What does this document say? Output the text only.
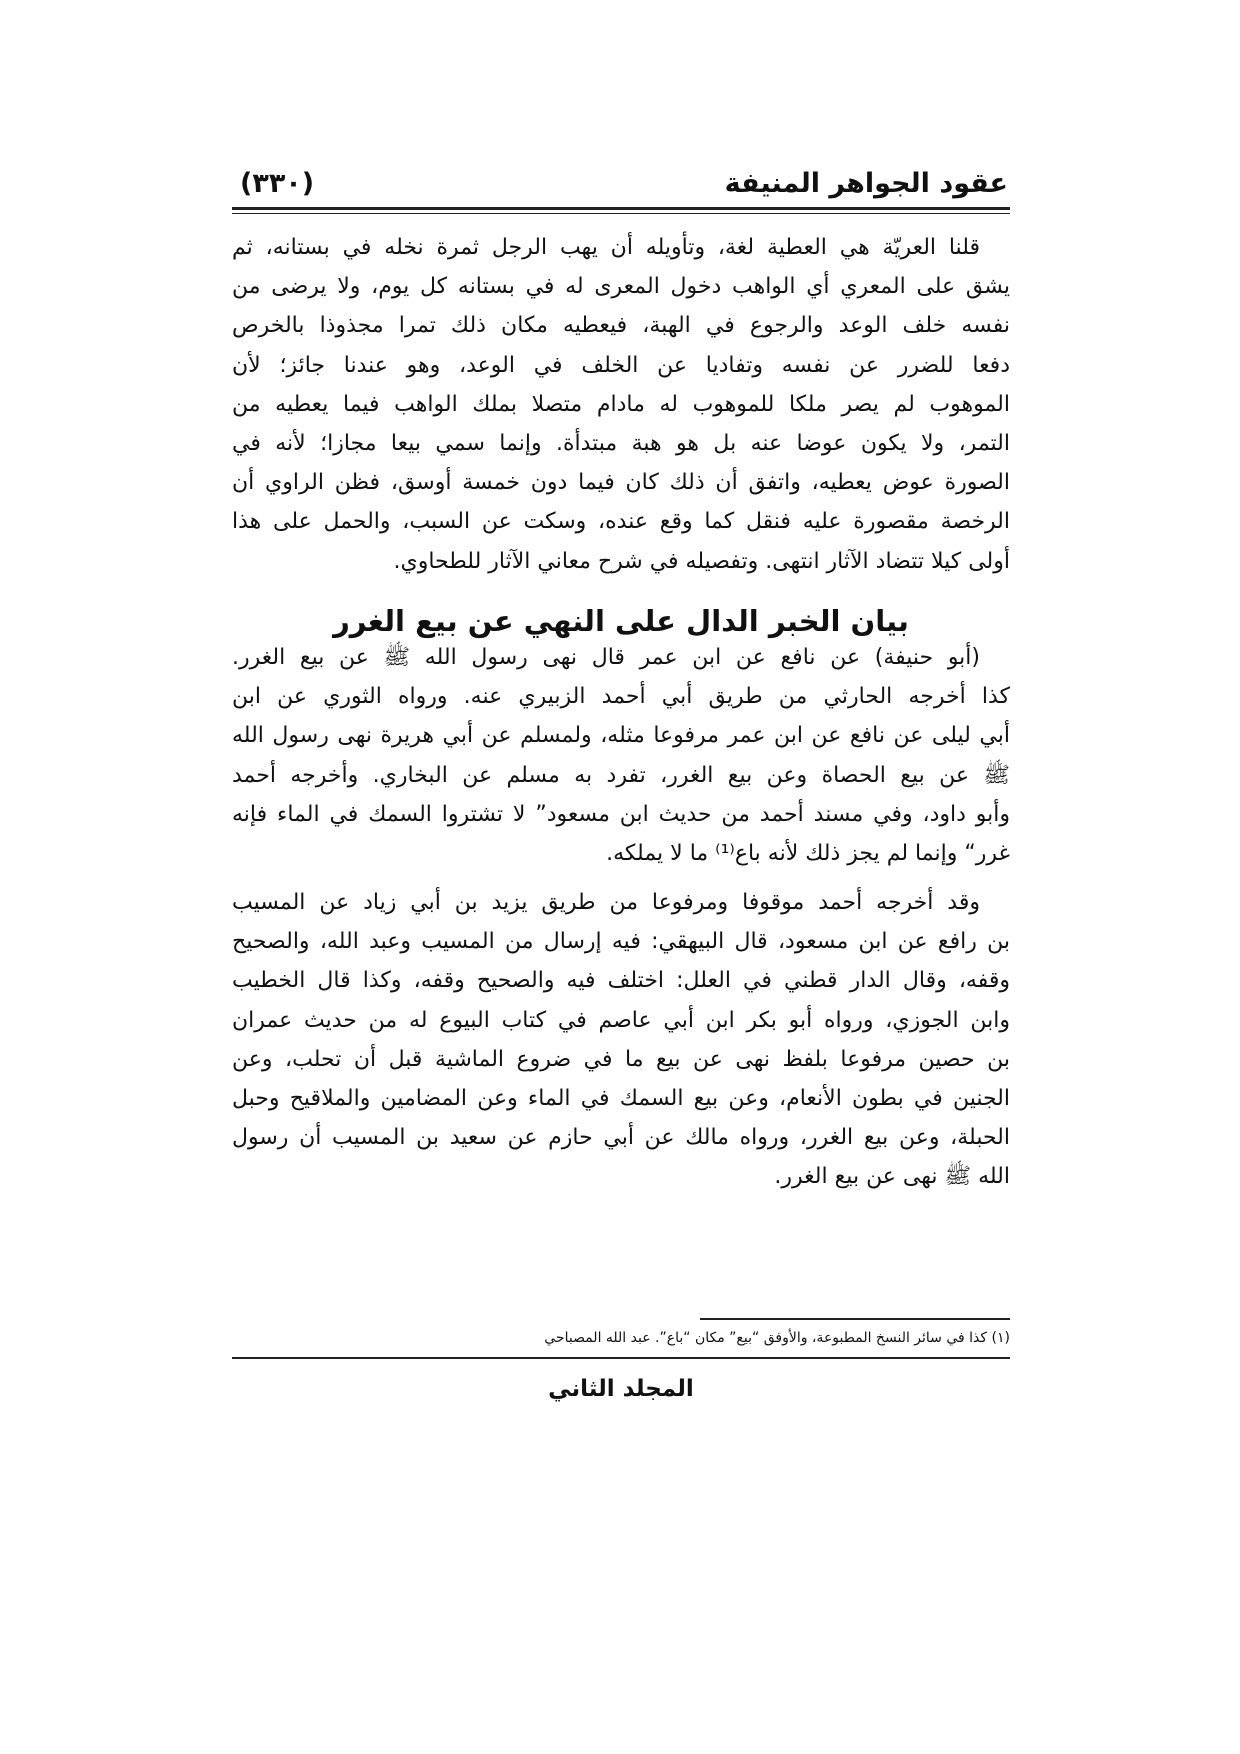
عقود الجواهر المنيفة
(٣٣٠)
قلنا العريّة هي العطية لغة، وتأويله أن يهب الرجل ثمرة نخله في بستانه، ثم
يشق على المعري أي الواهب دخول المعرى له في بستانه كل يوم، ولا يرضى من
نفسه خلف الوعد والرجوع في الهبة، فيعطيه مكان ذلك تمرا مجذوذا بالخرص
دفعا للضرر عن نفسه وتفاديا عن الخلف في الوعد، وهو عندنا جائز؛ لأن
الموهوب لم يصر ملكا للموهوب له مادام متصلا بملك الواهب فيما يعطيه من
التمر، ولا يكون عوضا عنه بل هو هبة مبتدأة. وإنما سمي بيعا مجازا؛ لأنه في
الصورة عوض يعطيه، واتفق أن ذلك كان فيما دون خمسة أوسق، فظن الراوي أن
الرخصة مقصورة عليه فنقل كما وقع عنده، وسكت عن السبب، والحمل على هذا
أولى كيلا تتضاد الآثار انتهى. وتفصيله في شرح معاني الآثار للطحاوي.
بيان الخبر الدال على النهي عن بيع الغرر
(أبو حنيفة) عن نافع عن ابن عمر قال نهى رسول الله ﷺ عن بيع الغرر.
كذا أخرجه الحارثي من طريق أبي أحمد الزبيري عنه. ورواه الثوري عن ابن
أبي ليلى عن نافع عن ابن عمر مرفوعا مثله، ولمسلم عن أبي هريرة نهى رسول الله
ﷺ عن بيع الحصاة وعن بيع الغرر، تفرد به مسلم عن البخاري. وأخرجه أحمد
وأبو داود، وفي مسند أحمد من حديث ابن مسعود” لا تشتروا السمك في الماء فإنه
غرر“ وإنما لم يجز ذلك لأنه باع⁽¹⁾ ما لا يملكه.
وقد أخرجه أحمد موقوفا ومرفوعا من طريق يزيد بن أبي زياد عن المسيب
بن رافع عن ابن مسعود، قال البيهقي: فيه إرسال من المسيب وعبد الله، والصحيح
وقفه، وقال الدار قطني في العلل: اختلف فيه والصحيح وقفه، وكذا قال الخطيب
وابن الجوزي، ورواه أبو بكر ابن أبي عاصم في كتاب البيوع له من حديث عمران
بن حصين مرفوعا بلفظ نهى عن بيع ما في ضروع الماشية قبل أن تحلب، وعن
الجنين في بطون الأنعام، وعن بيع السمك في الماء وعن المضامين والملاقيح وحبل
الحبلة، وعن بيع الغرر، ورواه مالك عن أبي حازم عن سعيد بن المسيب أن رسول
الله ﷺ نهى عن بيع الغرر.
(١) كذا في سائر النسخ المطبوعة، والأوفق “بيع” مكان “باع”. عبد الله المصباحي
المجلد الثاني
